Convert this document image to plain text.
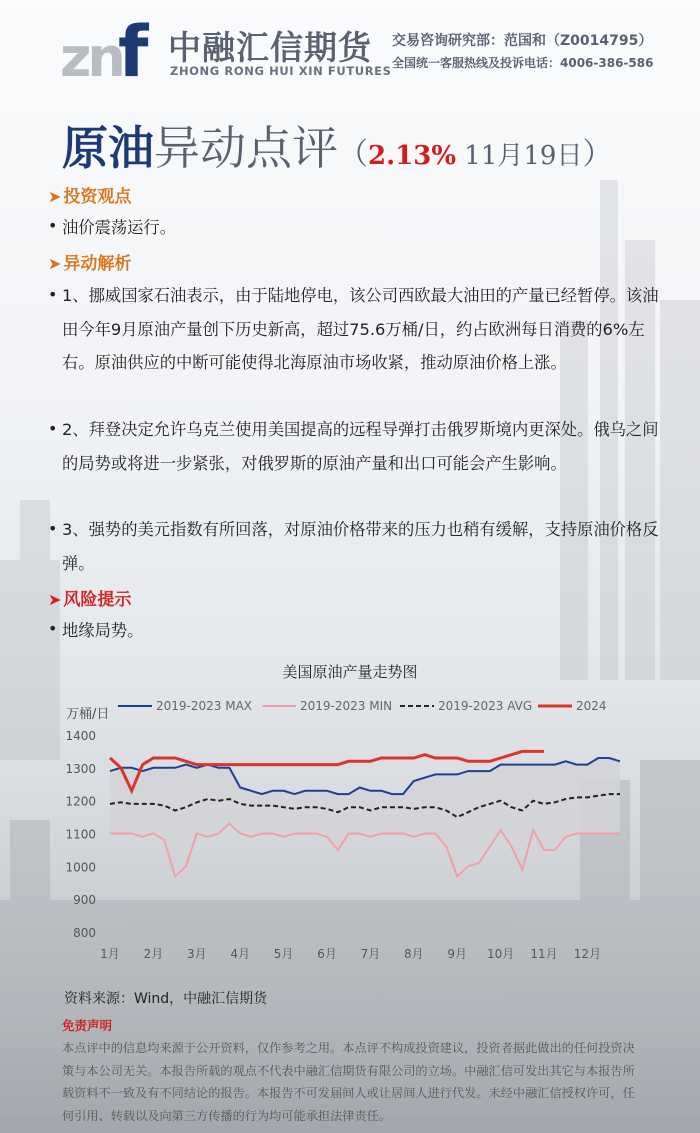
zn
f 中融汇信期货
ZHONG RONG HUI XIN FUTURES
交易咨询研究部：范国和（Z0014795）
全国统一客服热线及投诉电话：4006-386-586
原油异动点评（2.13% 11月19日）
➤ 投资观点
• 油价震荡运行。
➤ 异动解析
• 1、挪威国家石油表示，由于陆地停电，该公司西欧最大油田的产量已经暂停。该油田今年9月原油产量创下历史新高，超过75.6万桶/日，约占欧洲每日消费的6%左右。原油供应的中断可能使得北海原油市场收紧，推动原油价格上涨。
• 2、拜登决定允许乌克兰使用美国提高的远程导弹打击俄罗斯境内更深处。俄乌之间的局势或将进一步紧张，对俄罗斯的原油产量和出口可能会产生影响。
• 3、强势的美元指数有所回落，对原油价格带来的压力也稍有缓解，支持原油价格反弹。
➤ 风险提示
• 地缘局势。
美国原油产量走势图
万桶/日
800
900
1000
1100
1200
1300
1400
1月 2月 3月 4月 5月 6月 7月 8月 9月 10月 11月 12月
2019-2023 MAX	2019-2023 MIN	2019-2023 AVG	2024
资料来源：Wind，中融汇信期货
免责声明
本点评中的信息均来源于公开资料，仅作参考之用。本点评不构成投资建议，投资者据此做出的任何投资决策与本公司无关。本报告所载的观点不代表中融汇信期货有限公司的立场。中融汇信可发出其它与本报告所载资料不一致及有不同结论的报告。本报告不可发届间人或让居间人进行代发。未经中融汇信授权许可，任何引用、转载以及向第三方传播的行为均可能承担法律责任。
